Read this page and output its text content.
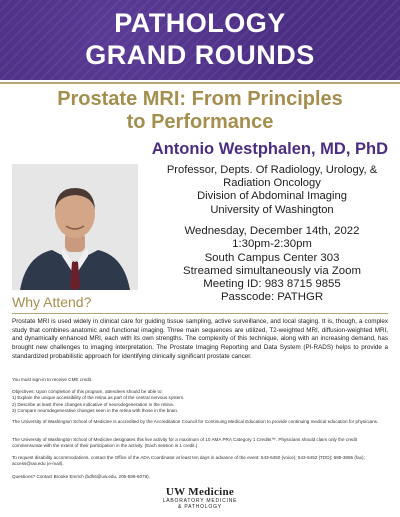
PATHOLOGY
GRAND ROUNDS
Prostate MRI: From Principles
to Performance
Antonio Westphalen, MD, PhD
Professor, Depts. Of Radiology, Urology, &
Radiation Oncology
Division of Abdominal Imaging
University of Washington
Wednesday, December 14th, 2022
1:30pm-2:30pm
South Campus Center 303
Streamed simultaneously via Zoom
Meeting ID: 983 8715 9855
Passcode: PATHGR
Why Attend?
Prostate MRI is used widely in clinical care for guiding tissue sampling, active surveillance, and local staging. It is, though, a complex study that combines anatomic and functional imaging. Three main sequences are utilized, T2-weighted MRI, diffusion-weighted MRI, and dynamically enhanced MRI, each with its own strengths. The complexity of this technique, along with an increasing demand, has brought new challenges to imaging interpretation. The Prostate Imaging Reporting and Data System (PI-RADS) helps to provide a standardized probabilistic approach for identifying clinically significant prostate cancer.
You must sign-in to receive CME credit.
Objectives: Upon completion of this program, attendees should be able to:
1) Explain the unique accessibility of the retina as part of the central nervous system.
2) Describe at least three changes indicative of neurodegeneration in the retina.
3) Compare neurodegenerative changes seen in the retina with those in the brain.
The University of Washington School of Medicine is accredited by the Accreditation Council for Continuing Medical Education to provide continuing medical education for physicians.
The University of Washington School of Medicine designates this live activity for a maximum of 10 AMA PRA Category 1 Credits™. Physicians should claim only the credit commensurate with the extent of their participation in the activity. (Each session is 1 credit.)
To request disability accommodations, contact the Office of the ADA Coordinator at least ten days in advance of the event: 543-6450 (voice); 543-6452 (TDD); 685-3885 (fax); access@uw.edu (e-mail).
Questions? Contact Brooke Emrich (bdh6@uw.edu, 206-598-6078).
UW Medicine
LABORATORY MEDICINE
& PATHOLOGY
